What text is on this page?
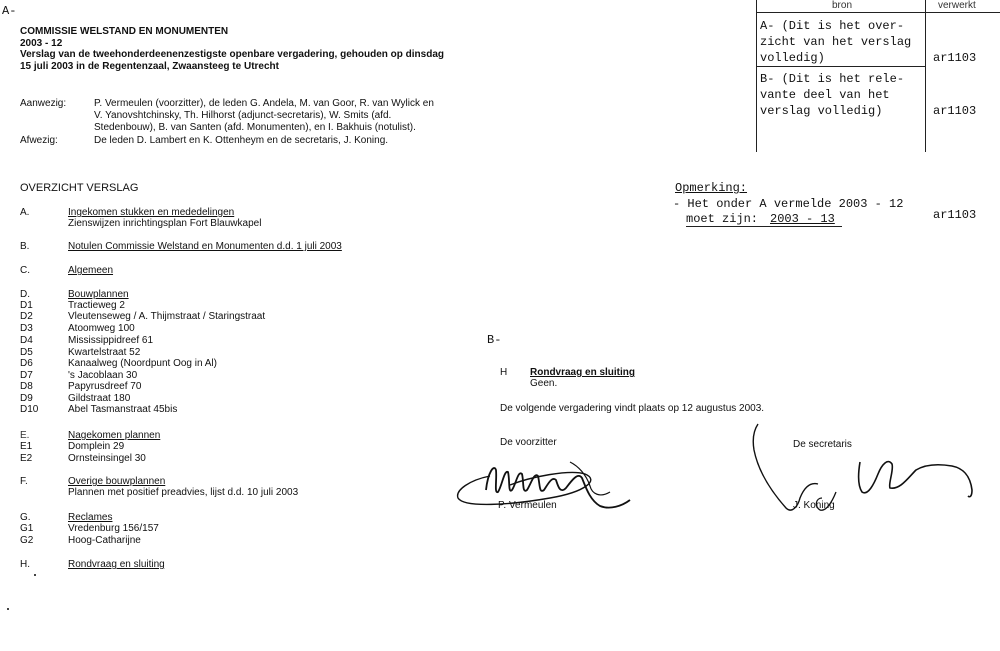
A-
COMMISSIE WELSTAND EN MONUMENTEN
2003 - 12
Verslag van de tweehonderdeenenzestigste openbare vergadering, gehouden op dinsdag
15 juli 2003 in de Regentenzaal, Zwaansteeg te Utrecht
Aanwezig:	P. Vermeulen (voorzitter), de leden G. Andela, M. van Goor, R. van Wylick en
V. Yanovshtchinsky, Th. Hilhorst (adjunct-secretaris), W. Smits (afd.
Stedenbouw), B. van Santen (afd. Monumenten), en I. Bakhuis (notulist).
Afwezig:	De leden D. Lambert en K. Ottenheym en de secretaris, J. Koning.
OVERZICHT VERSLAG
A.	Ingekomen stukken en mededelingen
Zienswijzen inrichtingsplan Fort Blauwkapel
B.	Notulen Commissie Welstand en Monumenten d.d. 1 juli 2003
C.	Algemeen
D.	Bouwplannen
D1	Tractieweg 2
D2	Vleutenseweg / A. Thijmstraat / Staringstraat
D3	Atoomweg 100
D4	Mississippidreef 61
D5	Kwartelstraat 52
D6	Kanaalweg (Noordpunt Oog in Al)
D7	's Jacoblaan 30
D8	Papyrusdreef 70
D9	Gildstraat 180
D10	Abel Tasmanstraat 45bis
E.	Nagekomen plannen
E1	Domplein 29
E2	Ornsteinsingel 30
F.	Overige bouwplannen
Plannen met positief preadvies, lijst d.d. 10 juli 2003
G.	Reclames
G1	Vredenburg 156/157
G2	Hoog-Catharijne
H.	Rondvraag en sluiting
B-
H Rondvraag en sluiting
Geen.
De volgende vergadering vindt plaats op 12 augustus 2003.
De voorzitter	De secretaris
P. Vermeulen	J. Koning
bron	verwerkt
A- (Dit is het over-
zicht van het verslag
volledig)	ar1103
B- (Dit is het rele-
vante deel van het
verslag volledig)	ar1103
Opmerking:
- Het onder A vermelde 2003 - 12
moet zijn: 2003 - 13	ar1103
